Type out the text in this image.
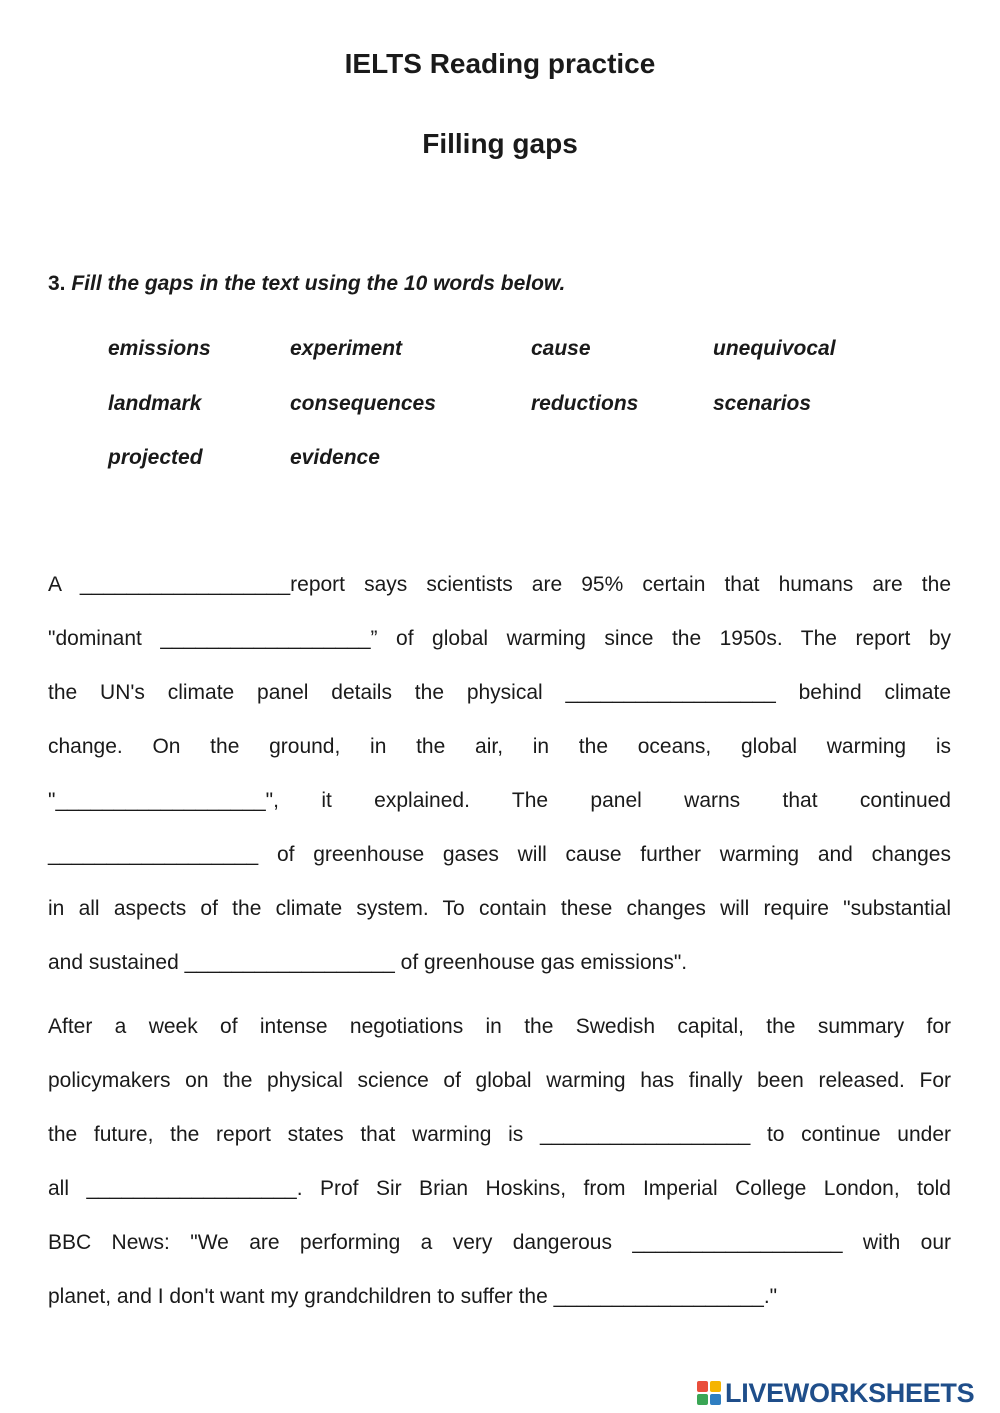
IELTS Reading practice
Filling gaps

3. Fill the gaps in the text using the 10 words below.

emissions	experiment	cause	unequivocal
landmark	consequences	reductions	scenarios
projected	evidence
A __________________report says scientists are 95% certain that humans are the
"dominant __________________” of global warming since the 1950s. The report by
the UN's climate panel details the physical __________________ behind climate
change. On the ground, in the air, in the oceans, global warming is
"__________________", it explained. The panel warns that continued
__________________ of greenhouse gases will cause further warming and changes
in all aspects of the climate system. To contain these changes will require "substantial
and sustained __________________ of greenhouse gas emissions".
After a week of intense negotiations in the Swedish capital, the summary for
policymakers on the physical science of global warming has finally been released. For
the future, the report states that warming is __________________ to continue under
all __________________. Prof Sir Brian Hoskins, from Imperial College London, told
BBC News: "We are performing a very dangerous __________________ with our
planet, and I don't want my grandchildren to suffer the __________________."
LIVEWORKSHEETS
